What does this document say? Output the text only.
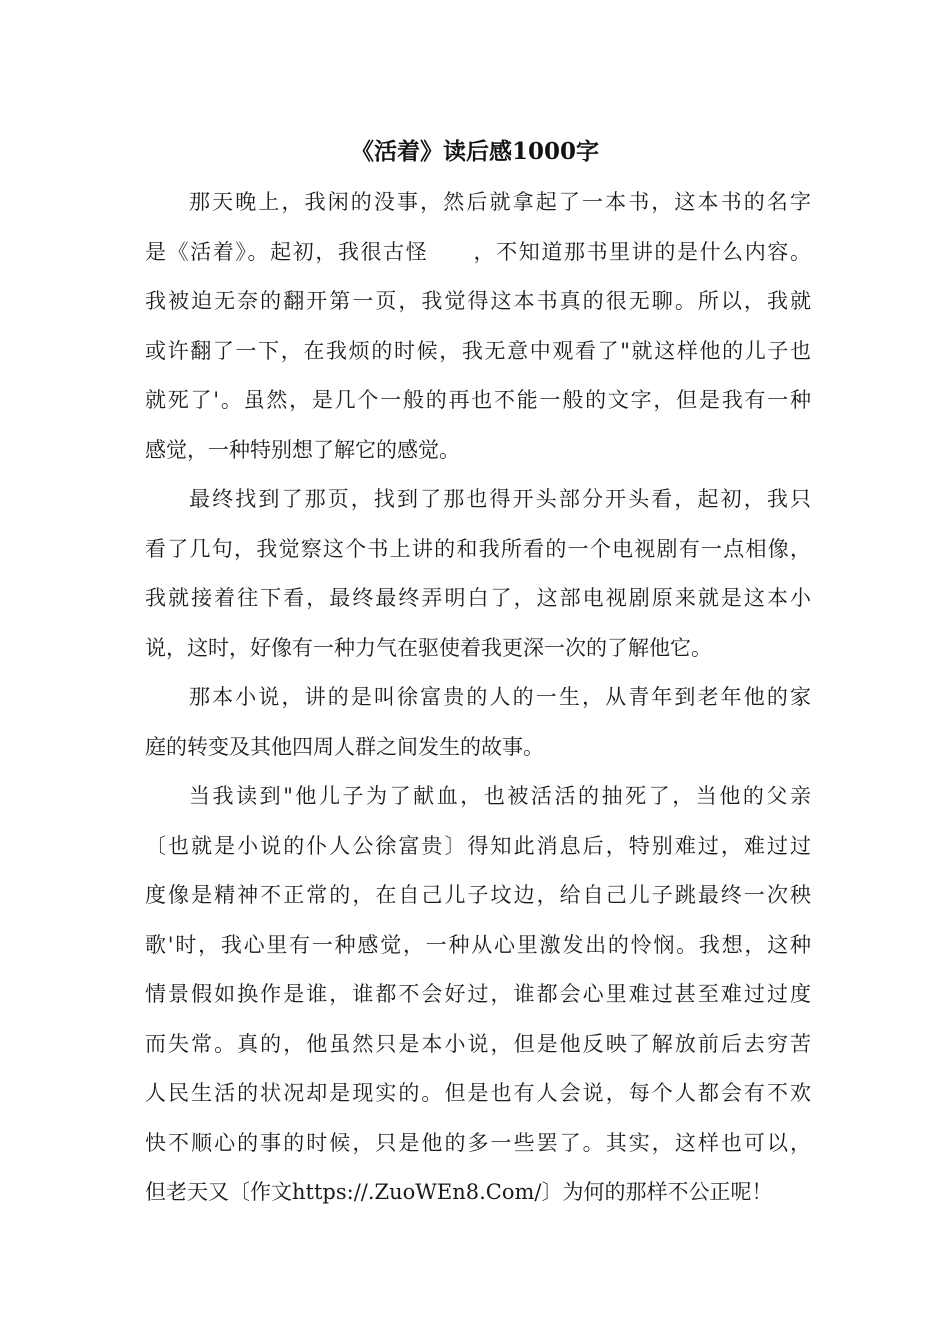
《活着》读后感1000字
那天晚上，我闲的没事，然后就拿起了一本书，这本书的名字
是《活着》。起初，我很古怪　　，不知道那书里讲的是什么内容。
我被迫无奈的翻开第一页，我觉得这本书真的很无聊。所以，我就
或许翻了一下，在我烦的时候，我无意中观看了"就这样他的儿子也
就死了'。虽然，是几个一般的再也不能一般的文字，但是我有一种
感觉，一种特别想了解它的感觉。
最终找到了那页，找到了那也得开头部分开头看，起初，我只
看了几句，我觉察这个书上讲的和我所看的一个电视剧有一点相像，
我就接着往下看，最终最终弄明白了，这部电视剧原来就是这本小
说，这时，好像有一种力气在驱使着我更深一次的了解他它。
那本小说，讲的是叫徐富贵的人的一生，从青年到老年他的家
庭的转变及其他四周人群之间发生的故事。
当我读到"他儿子为了献血，也被活活的抽死了，当他的父亲
〔也就是小说的仆人公徐富贵〕得知此消息后，特别难过，难过过
度像是精神不正常的，在自己儿子坟边，给自己儿子跳最终一次秧
歌'时，我心里有一种感觉，一种从心里激发出的怜悯。我想，这种
情景假如换作是谁，谁都不会好过，谁都会心里难过甚至难过过度
而失常。真的，他虽然只是本小说，但是他反映了解放前后去穷苦
人民生活的状况却是现实的。但是也有人会说，每个人都会有不欢
快不顺心的事的时候，只是他的多一些罢了。其实，这样也可以，
但老天又〔作文https://.ZuoWEn8.Com/〕为何的那样不公正呢！
